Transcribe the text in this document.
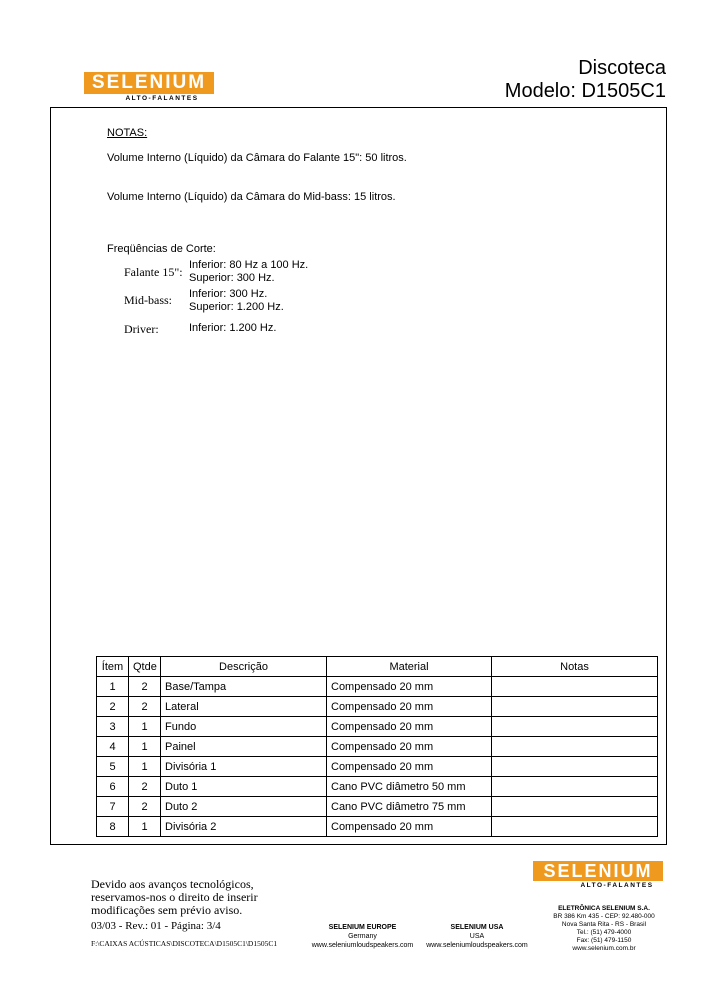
SELENIUM
ALTO-FALANTES
Discoteca
Modelo: D1505C1
NOTAS:
Volume Interno (Líquido) da Câmara do Falante 15": 50 litros.
Volume Interno (Líquido) da Câmara do Mid-bass: 15 litros.
Freqüências de Corte:
Falante 15": Inferior: 80 Hz a 100 Hz.
Superior: 300 Hz.
Mid-bass: Inferior: 300 Hz.
Superior: 1.200 Hz.
Driver:	Inferior: 1.200 Hz.
Ítem	Qtde	Descrição	Material	Notas
1	2	Base/Tampa	Compensado 20 mm	
2	2	Lateral	Compensado 20 mm	
3	1	Fundo	Compensado 20 mm	
4	1	Painel	Compensado 20 mm	
5	1	Divisória 1	Compensado 20 mm	
6	2	Duto 1	Cano PVC diâmetro 50 mm	
7	2	Duto 2	Cano PVC diâmetro 75 mm	
8	1	Divisória 2	Compensado 20 mm	
SELENIUM
ALTO-FALANTES
Devido aos avanços tecnológicos,
reservamos-nos o direito de inserir
modificações sem prévio aviso.
03/03 - Rev.: 01 - Página: 3/4
F:\CAIXAS ACÚSTICAS\DISCOTECA\D1505C1\D1505C1
SELENIUM EUROPE
Germany
www.seleniumloudspeakers.com
SELENIUM USA
USA
www.seleniumloudspeakers.com
ELETRÔNICA SELENIUM S.A.
BR 386 Km 435 - CEP: 92.480-000
Nova Santa Rita - RS - Brasil
Tel.: (51) 479-4000
Fax: (51) 479-1150
www.selenium.com.br
